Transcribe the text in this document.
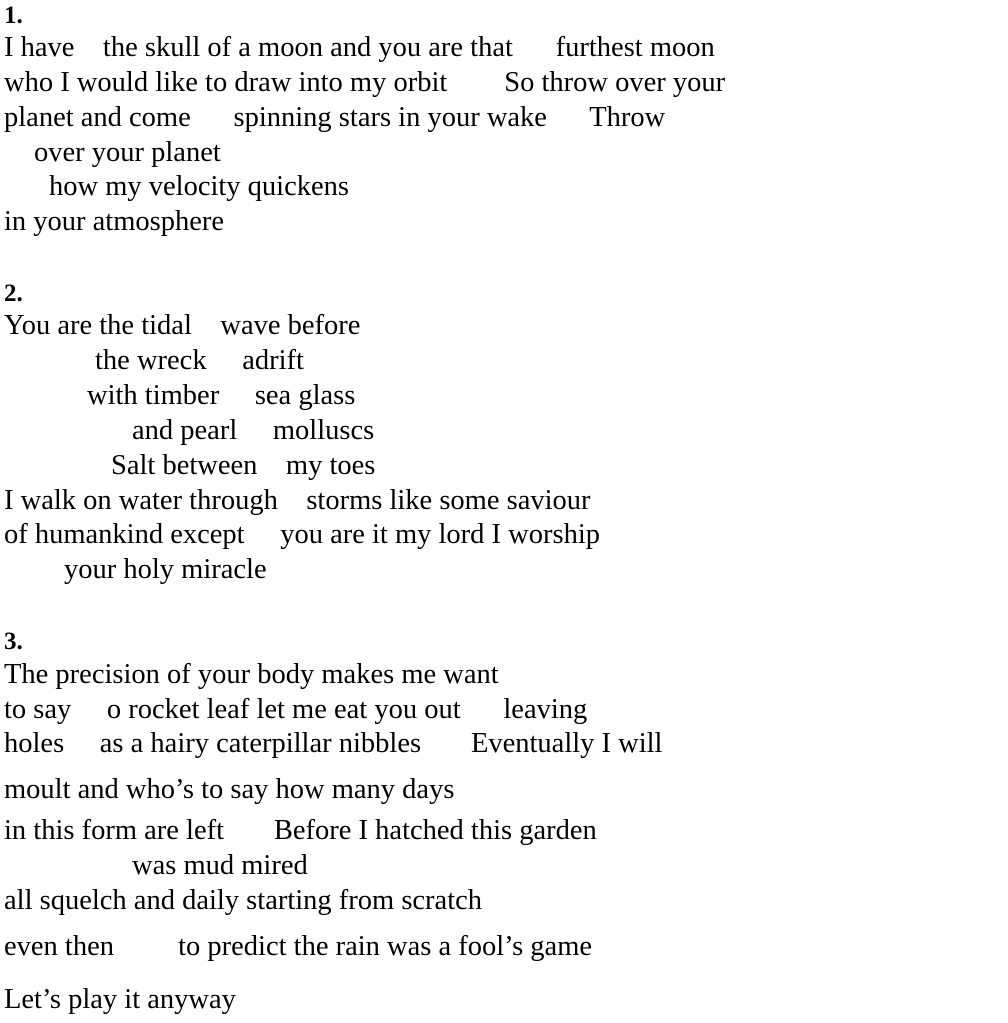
1.
I have    the skull of a moon and you are that      furthest moon
who I would like to draw into my orbit        So throw over your
planet and come      spinning stars in your wake      Throw
over your planet
how my velocity quickens
in your atmosphere
2.
You are the tidal    wave before
the wreck     adrift
with timber     sea glass
and pearl     molluscs
Salt between    my toes
I walk on water through    storms like some saviour
of humankind except     you are it my lord I worship
your holy miracle
3.
The precision of your body makes me want
to say     o rocket leaf let me eat you out      leaving
holes     as a hairy caterpillar nibbles       Eventually I will
moult and who’s to say how many days
in this form are left       Before I hatched this garden
was mud mired
all squelch and daily starting from scratch
even then         to predict the rain was a fool’s game
Let’s play it anyway
